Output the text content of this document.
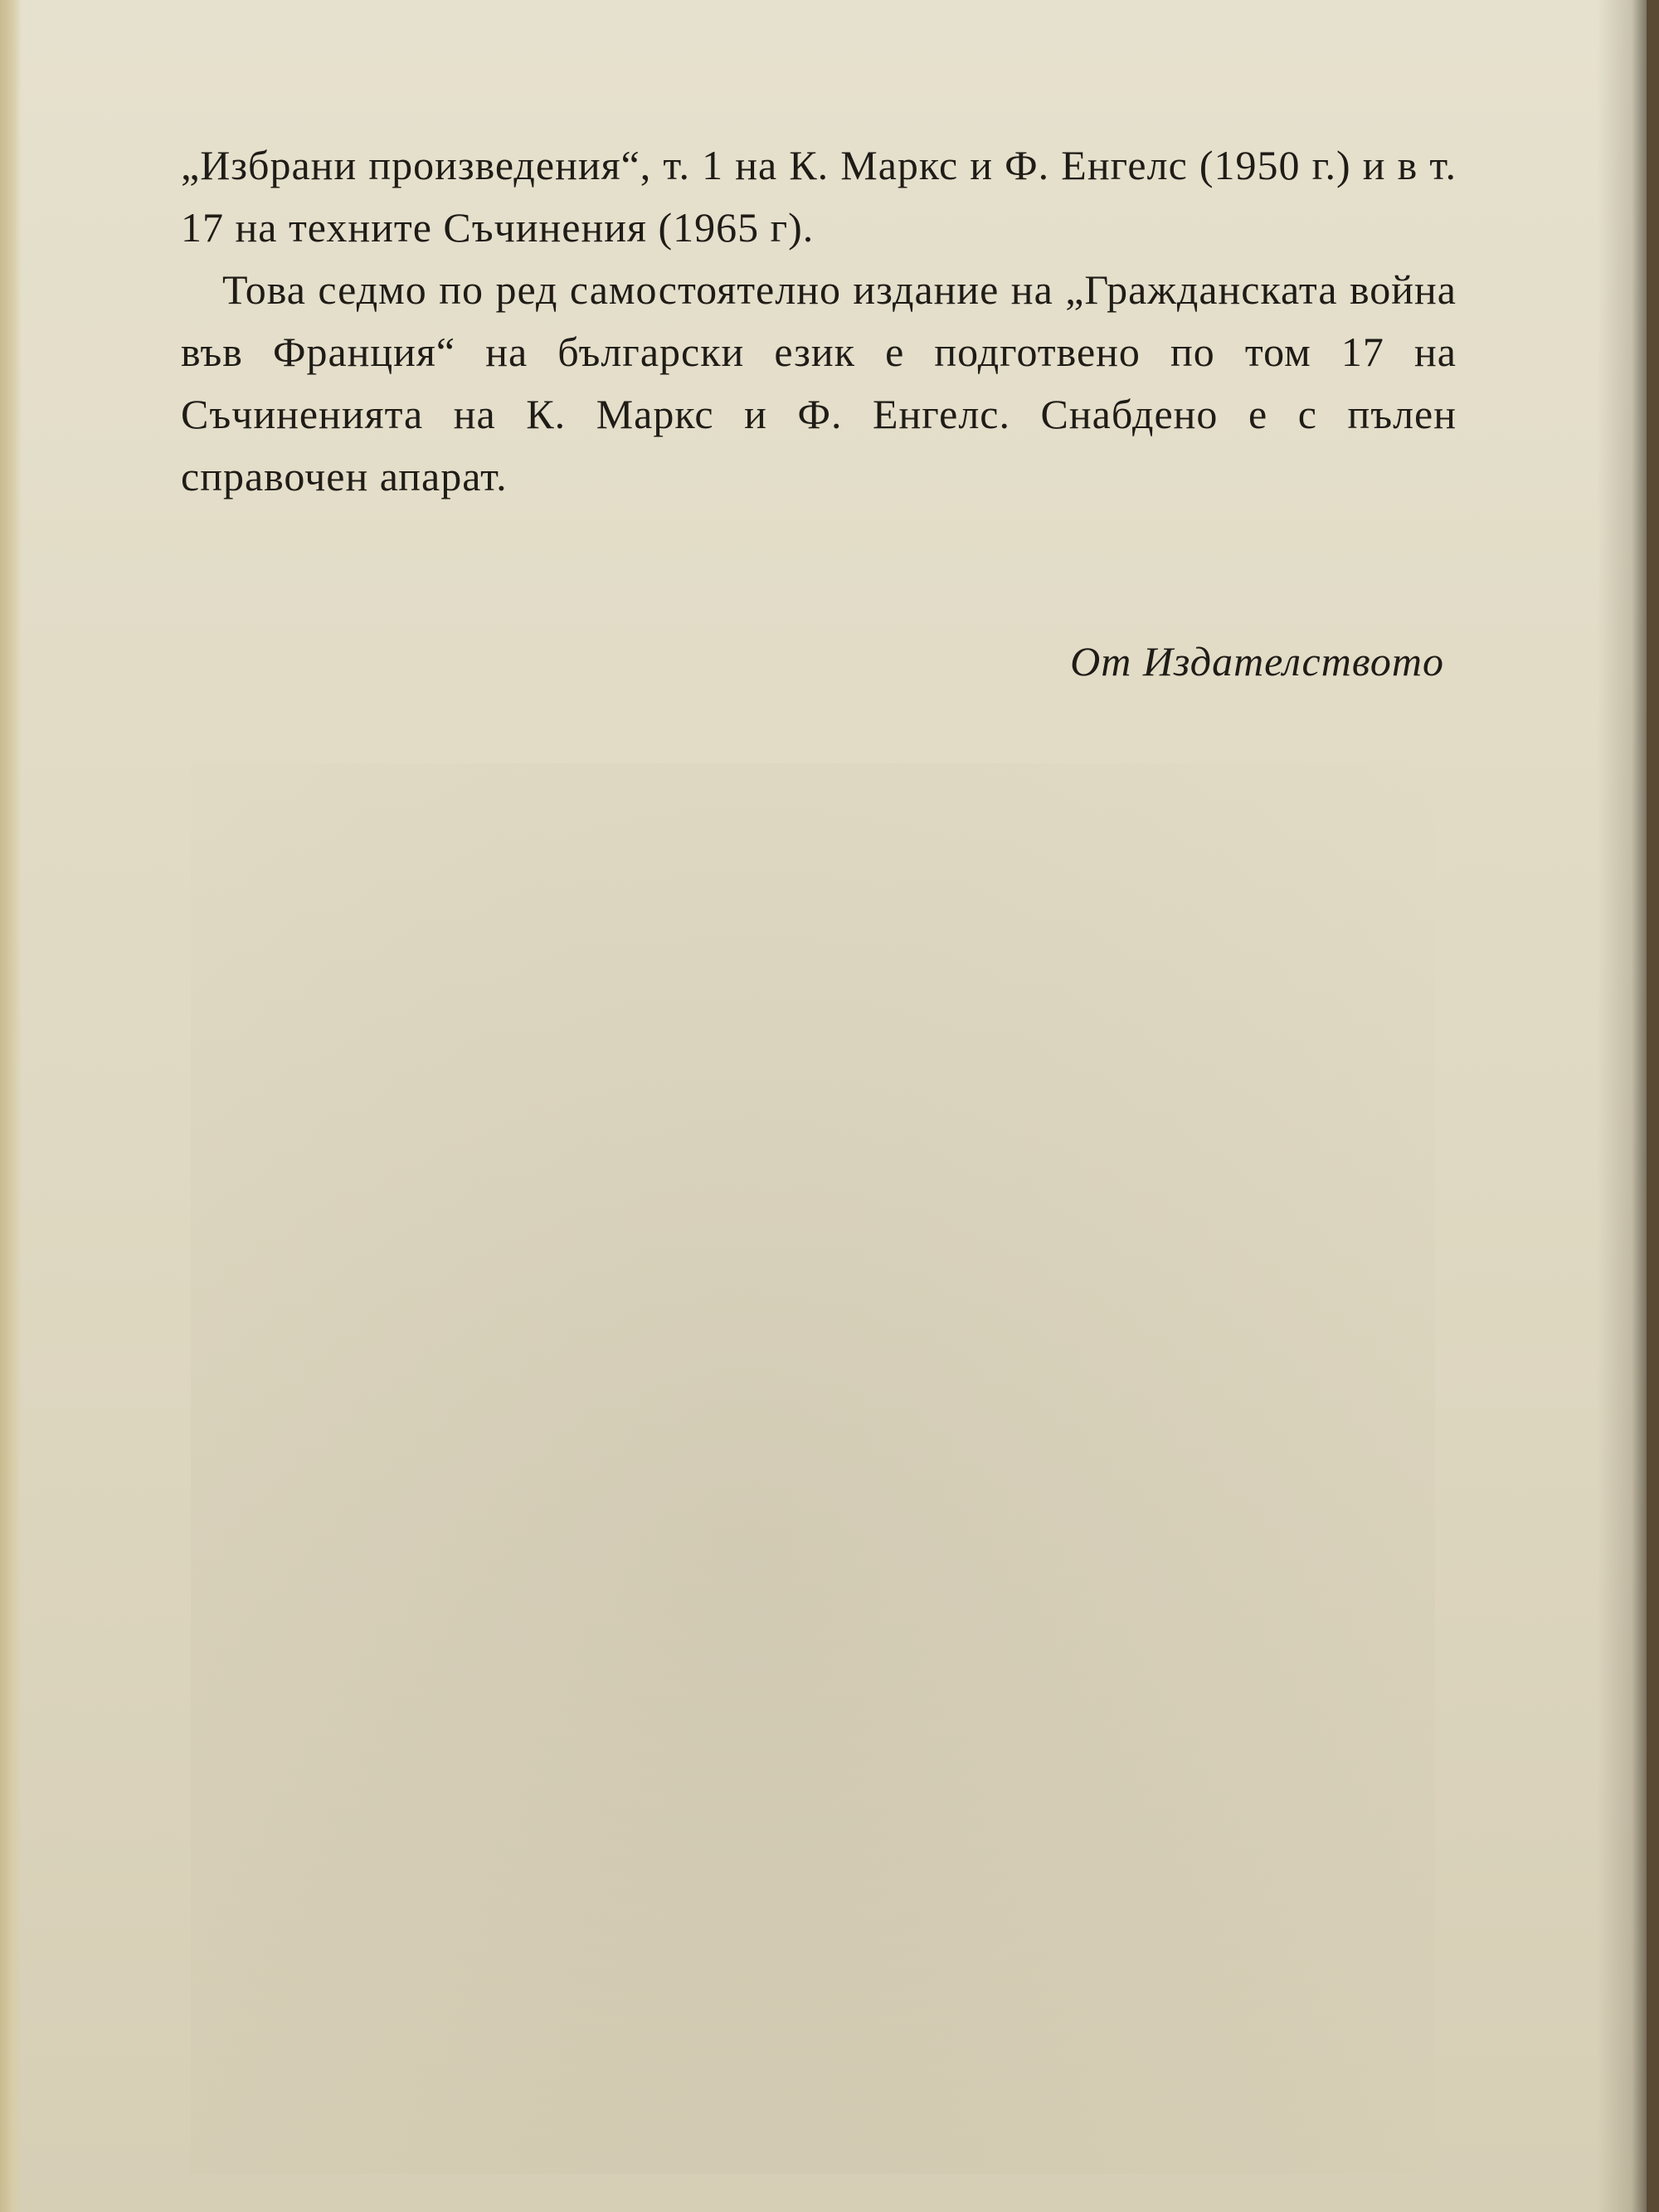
„Избрани произведения“, т. 1 на К. Маркс и Ф. Енгелс (1950 г.) и в т. 17 на техните Съчинения (1965 г).

Това седмо по ред самостоятелно издание на „Гражданската война във Франция“ на български език е подготвено по том 17 на Съчиненията на К. Маркс и Ф. Енгелс. Снабдено е с пълен справочен апарат.

От Издателството
